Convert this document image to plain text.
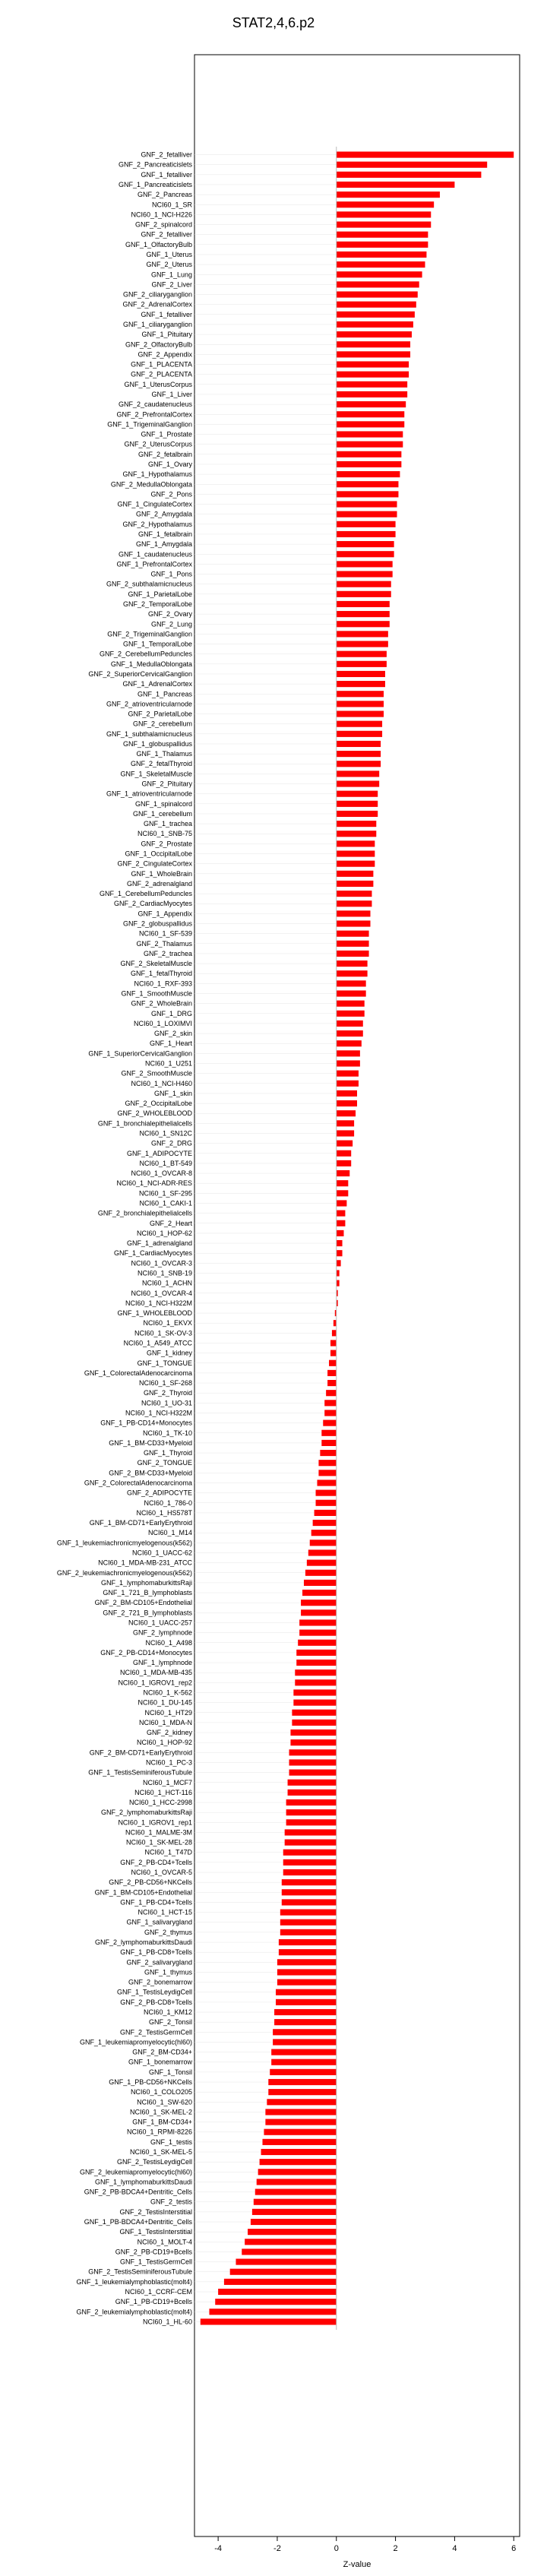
STAT2,4,6.p2
GNF_2_fetalliver
GNF_2_Pancreaticislets
GNF_1_fetalliver
GNF_1_Pancreaticislets
GNF_2_Pancreas
NCI60_1_SR
NCI60_1_NCI-H226
GNF_2_spinalcord
GNF_2_fetalliver
GNF_1_OlfactoryBulb
GNF_1_Uterus
GNF_2_Uterus
GNF_1_Lung
GNF_2_Liver
GNF_2_ciliaryganglion
GNF_2_AdrenalCortex
GNF_1_fetalliver
GNF_1_ciliaryganglion
GNF_1_Pituitary
GNF_2_OlfactoryBulb
GNF_2_Appendix
GNF_1_PLACENTA
GNF_2_PLACENTA
GNF_1_UterusCorpus
GNF_1_Liver
GNF_2_caudatenucleus
GNF_2_PrefrontalCortex
GNF_1_TrigeminalGanglion
GNF_1_Prostate
GNF_2_UterusCorpus
GNF_2_fetalbrain
GNF_1_Ovary
GNF_1_Hypothalamus
GNF_2_MedullaOblongata
GNF_2_Pons
GNF_1_CingulateCortex
GNF_2_Amygdala
GNF_2_Hypothalamus
GNF_1_fetalbrain
GNF_1_Amygdala
GNF_1_caudatenucleus
GNF_1_PrefrontalCortex
GNF_1_Pons
GNF_2_subthalamicnucleus
GNF_1_ParietalLobe
GNF_2_TemporalLobe
GNF_2_Ovary
GNF_2_Lung
GNF_2_TrigeminalGanglion
GNF_1_TemporalLobe
GNF_2_CerebellumPeduncles
GNF_1_MedullaOblongata
GNF_2_SuperiorCervicalGanglion
GNF_1_AdrenalCortex
GNF_1_Pancreas
GNF_2_atrioventricularnode
GNF_2_ParietalLobe
GNF_2_cerebellum
GNF_1_subthalamicnucleus
GNF_1_globuspallidus
GNF_1_Thalamus
GNF_2_fetalThyroid
GNF_1_SkeletalMuscle
GNF_2_Pituitary
GNF_1_atrioventricularnode
GNF_1_spinalcord
GNF_1_cerebellum
GNF_1_trachea
NCI60_1_SNB-75
GNF_2_Prostate
GNF_1_OccipitalLobe
GNF_2_CingulateCortex
GNF_1_WholeBrain
GNF_2_adrenalgland
GNF_1_CerebellumPeduncles
GNF_2_CardiacMyocytes
GNF_1_Appendix
GNF_2_globuspallidus
NCI60_1_SF-539
GNF_2_Thalamus
GNF_2_trachea
GNF_2_SkeletalMuscle
GNF_1_fetalThyroid
NCI60_1_RXF-393
GNF_1_SmoothMuscle
GNF_2_WholeBrain
GNF_1_DRG
NCI60_1_LOXIMVI
GNF_2_skin
GNF_1_Heart
GNF_1_SuperiorCervicalGanglion
NCI60_1_U251
GNF_2_SmoothMuscle
NCI60_1_NCI-H460
GNF_1_skin
GNF_2_OccipitalLobe
GNF_2_WHOLEBLOOD
GNF_1_bronchialepithelialcells
NCI60_1_SN12C
GNF_2_DRG
GNF_1_ADIPOCYTE
NCI60_1_BT-549
NCI60_1_OVCAR-8
NCI60_1_NCI-ADR-RES
NCI60_1_SF-295
NCI60_1_CAKI-1
GNF_2_bronchialepithelialcells
GNF_2_Heart
NCI60_1_HOP-62
GNF_1_adrenalgland
GNF_1_CardiacMyocytes
NCI60_1_OVCAR-3
NCI60_1_SNB-19
NCI60_1_ACHN
NCI60_1_OVCAR-4
NCI60_1_NCI-H322M
GNF_1_WHOLEBLOOD
NCI60_1_EKVX
NCI60_1_SK-OV-3
NCI60_1_A549_ATCC
GNF_1_kidney
GNF_1_TONGUE
GNF_1_ColorectalAdenocarcinoma
NCI60_1_SF-268
GNF_2_Thyroid
NCI60_1_UO-31
NCI60_1_NCI-H322M
GNF_1_PB-CD14+Monocytes
NCI60_1_TK-10
GNF_1_BM-CD33+Myeloid
GNF_1_Thyroid
GNF_2_TONGUE
GNF_2_BM-CD33+Myeloid
GNF_2_ColorectalAdenocarcinoma
GNF_2_ADIPOCYTE
NCI60_1_786-0
NCI60_1_HS578T
GNF_1_BM-CD71+EarlyErythroid
NCI60_1_M14
GNF_1_leukemiachronicmyelogenous(k562)
NCI60_1_UACC-62
NCI60_1_MDA-MB-231_ATCC
GNF_2_leukemiachronicmyelogenous(k562)
GNF_1_lymphomaburkittsRaji
GNF_1_721_B_lymphoblasts
GNF_2_BM-CD105+Endothelial
GNF_2_721_B_lymphoblasts
NCI60_1_UACC-257
GNF_2_lymphnode
NCI60_1_A498
GNF_2_PB-CD14+Monocytes
GNF_1_lymphnode
NCI60_1_MDA-MB-435
NCI60_1_IGROV1_rep2
NCI60_1_K-562
NCI60_1_DU-145
NCI60_1_HT29
NCI60_1_MDA-N
GNF_2_kidney
NCI60_1_HOP-92
GNF_2_BM-CD71+EarlyErythroid
NCI60_1_PC-3
GNF_1_TestisSeminiferousTubule
NCI60_1_MCF7
NCI60_1_HCT-116
NCI60_1_HCC-2998
GNF_2_lymphomaburkittsRaji
NCI60_1_IGROV1_rep1
NCI60_1_MALME-3M
NCI60_1_SK-MEL-28
NCI60_1_T47D
GNF_2_PB-CD4+Tcells
NCI60_1_OVCAR-5
GNF_2_PB-CD56+NKCells
GNF_1_BM-CD105+Endothelial
GNF_1_PB-CD4+Tcells
NCI60_1_HCT-15
GNF_1_salivarygland
GNF_2_thymus
GNF_2_lymphomaburkittsDaudi
GNF_1_PB-CD8+Tcells
GNF_2_salivarygland
GNF_1_thymus
GNF_2_bonemarrow
GNF_1_TestisLeydigCell
GNF_2_PB-CD8+Tcells
NCI60_1_KM12
GNF_2_Tonsil
GNF_2_TestisGermCell
GNF_1_leukemiapromyelocytic(hl60)
GNF_2_BM-CD34+
GNF_1_bonemarrow
GNF_1_Tonsil
GNF_1_PB-CD56+NKCells
NCI60_1_COLO205
NCI60_1_SW-620
NCI60_1_SK-MEL-2
GNF_1_BM-CD34+
NCI60_1_RPMI-8226
GNF_1_testis
NCI60_1_SK-MEL-5
GNF_2_TestisLeydigCell
GNF_2_leukemiapromyelocytic(hl60)
GNF_1_lymphomaburkittsDaudi
GNF_2_PB-BDCA4+Dentritic_Cells
GNF_2_testis
GNF_2_TestisInterstitial
GNF_1_PB-BDCA4+Dentritic_Cells
GNF_1_TestisInterstitial
NCI60_1_MOLT-4
GNF_2_PB-CD19+Bcells
GNF_1_TestisGermCell
GNF_2_TestisSeminiferousTubule
GNF_1_leukemialymphoblastic(molt4)
NCI60_1_CCRF-CEM
GNF_1_PB-CD19+Bcells
GNF_2_leukemialymphoblastic(molt4)
NCI60_1_HL-60
-4	-2	0	2	4	6
Z-value
